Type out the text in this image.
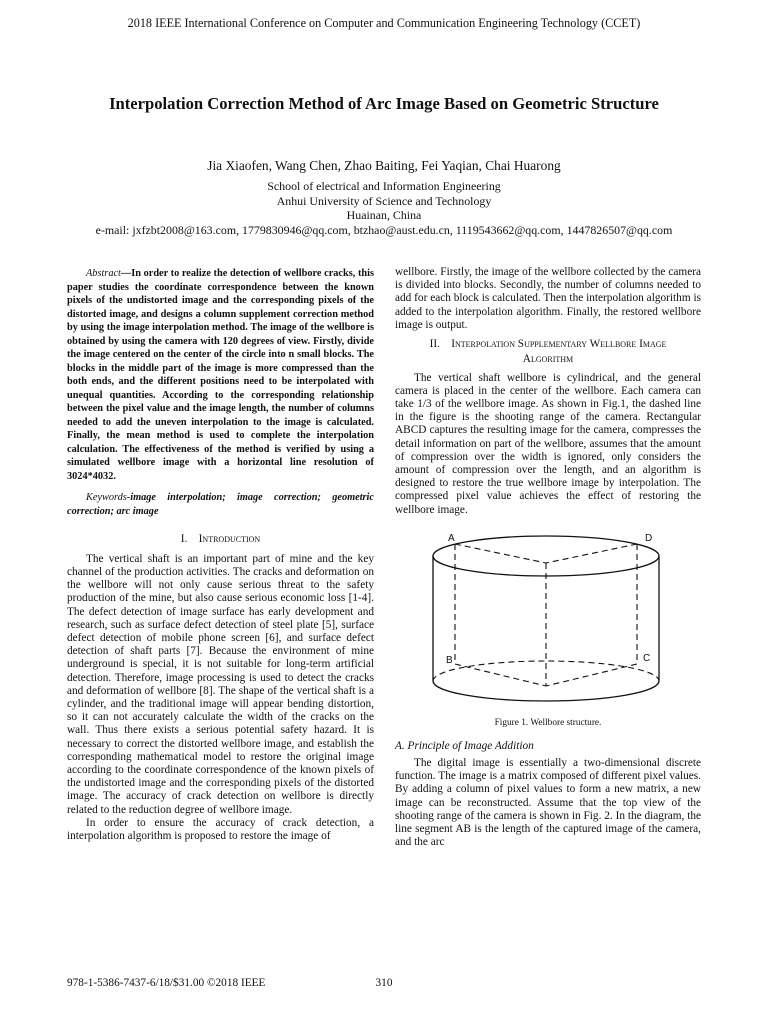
2018 IEEE International Conference on Computer and Communication Engineering Technology (CCET)
Interpolation Correction Method of Arc Image Based on Geometric Structure
Jia Xiaofen, Wang Chen, Zhao Baiting, Fei Yaqian, Chai Huarong
School of electrical and Information Engineering
Anhui University of Science and Technology
Huainan, China
e-mail: jxfzbt2008@163.com, 1779830946@qq.com, btzhao@aust.edu.cn, 1119543662@qq.com, 1447826507@qq.com

Abstract—In order to realize the detection of wellbore cracks, this paper studies the coordinate correspondence between the known pixels of the undistorted image and the corresponding pixels of the distorted image, and designs a column supplement correction method by using the image interpolation method. The image of the wellbore is obtained by using the camera with 120 degrees of view. Firstly, divide the image centered on the center of the circle into n small blocks. The blocks in the middle part of the image is more compressed than the both ends, and the different positions need to be interpolated with unequal quantities. According to the corresponding relationship between the pixel value and the image length, the number of columns needed to add the uneven interpolation to the image is calculated. Finally, the mean method is used to complete the interpolation calculation. The effectiveness of the method is verified by using a simulated wellbore image with a horizontal line resolution of 3024*4032.

Keywords-image interpolation; image correction; geometric correction; arc image

I. Introduction

The vertical shaft is an important part of mine and the key channel of the production activities. The cracks and deformation on the wellbore will not only cause serious threat to the safety production of the mine, but also cause serious economic loss [1-4]. The defect detection of image surface has early development and research, such as surface defect detection of steel plate [5], surface defect detection of mobile phone screen [6], and surface defect detection of shaft parts [7]. Because the environment of mine underground is special, it is not suitable for long-term artificial detection. Therefore, image processing is used to detect the cracks and deformation of wellbore [8]. The shape of the vertical shaft is a cylinder, and the traditional image will appear bending distortion, so it can not accurately calculate the width of the cracks on the wall. Thus there exists a serious potential safety hazard. It is necessary to correct the distorted wellbore image, and establish the corresponding mathematical model to restore the original image according to the coordinate correspondence of the known pixels of the undistorted image and the corresponding pixels of the distorted image. The accuracy of crack detection on wellbore is directly related to the reduction degree of wellbore image.

In order to ensure the accuracy of crack detection, a interpolation algorithm is proposed to restore the image of

wellbore. Firstly, the image of the wellbore collected by the camera is divided into blocks. Secondly, the number of columns needed to add for each block is calculated. Then the interpolation algorithm is added to the interpolation algorithm. Finally, the restored wellbore image is output.

II. Interpolation Supplementary Wellbore Image
Algorithm

The vertical shaft wellbore is cylindrical, and the general camera is placed in the center of the wellbore. Each camera can take 1/3 of the wellbore image. As shown in Fig.1, the dashed line in the figure is the shooting range of the camera. Rectangular ABCD captures the resulting image for the camera, compresses the detail information on part of the wellbore, assumes that the amount of compression over the width is ignored, only considers the amount of compression over the length, and an algorithm is designed to restore the true wellbore image by interpolation. The compressed pixel value achieves the effect of restoring the wellbore image.

A	D
B	C
Figure 1. Wellbore structure.

A. Principle of Image Addition

The digital image is essentially a two-dimensional discrete function. The image is a matrix composed of different pixel values. By adding a column of pixel values to form a new matrix, a new image can be reconstructed. Assume that the top view of the shooting range of the camera is shown in Fig. 2. In the diagram, the line segment AB is the length of the captured image of the camera, and the arc

978-1-5386-7437-6/18/$31.00 ©2018 IEEE	310
